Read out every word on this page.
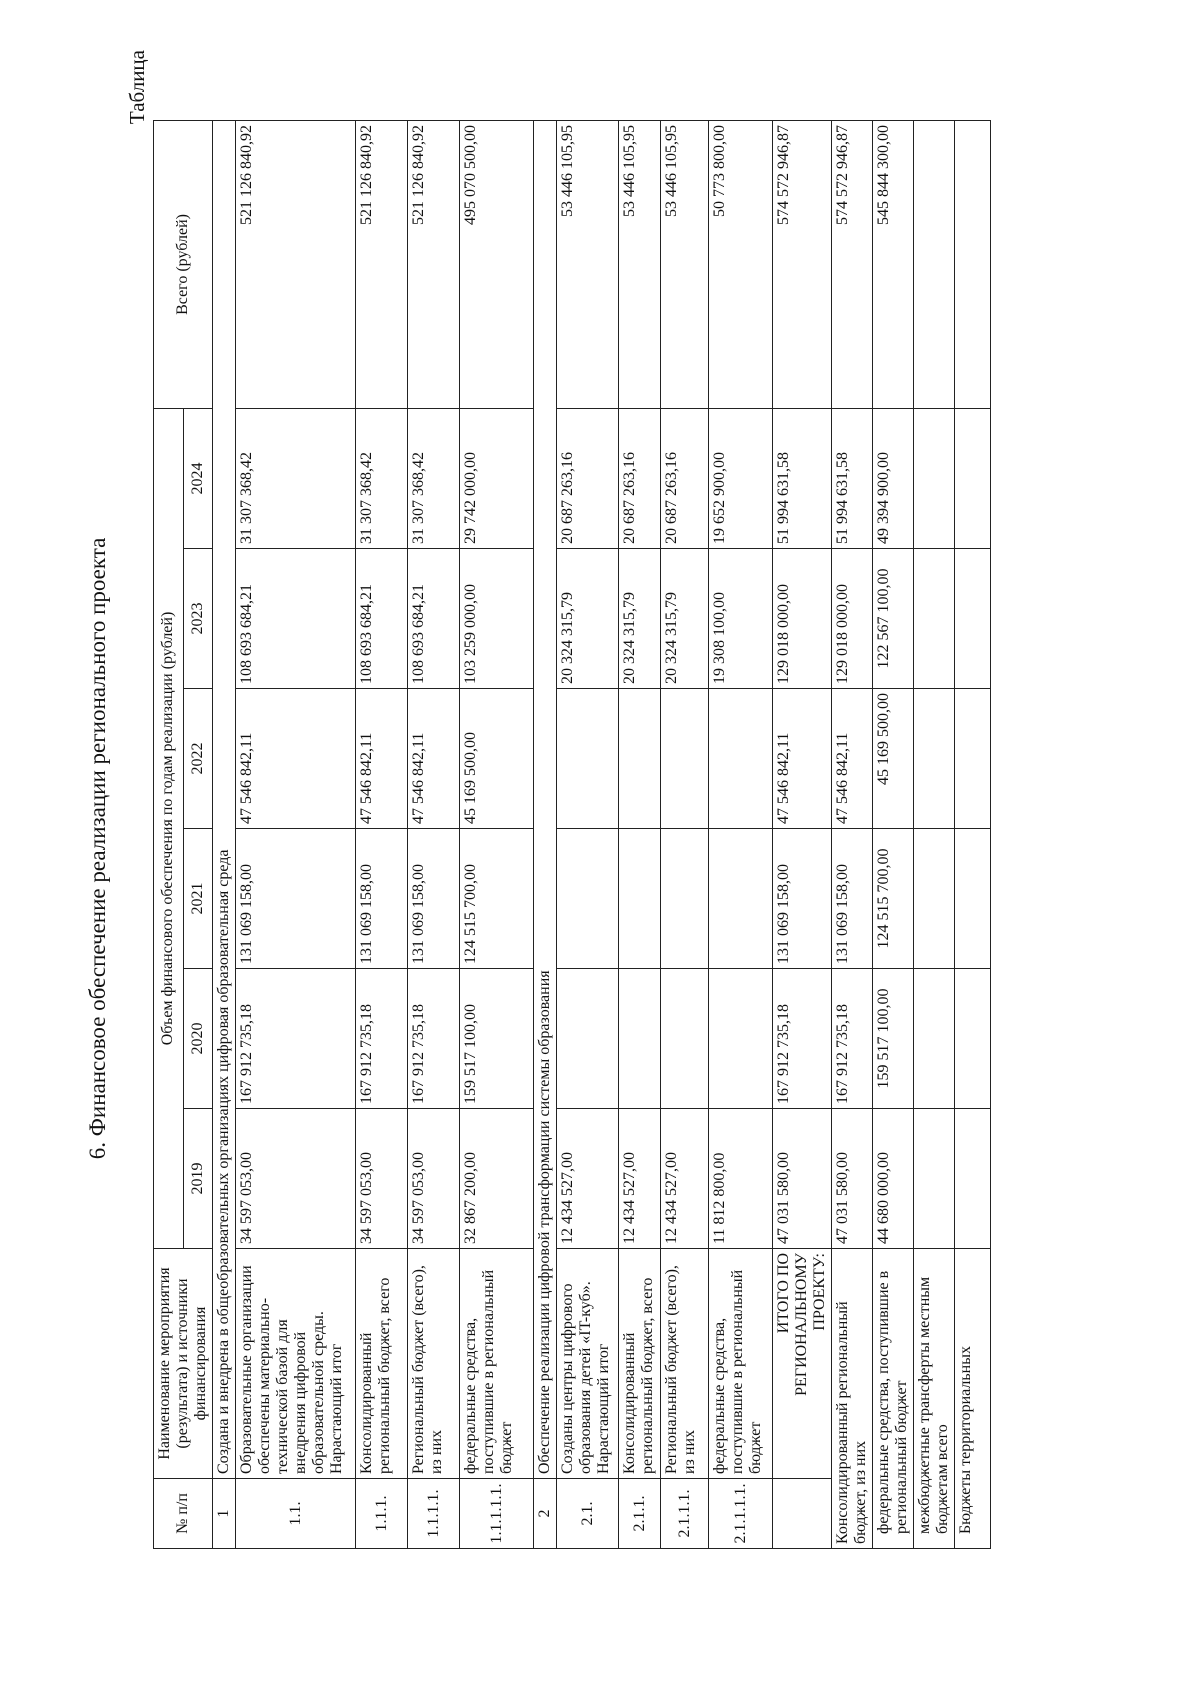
6. Финансовое обеспечение реализации регионального проекта
Таблица
№ п/п	Наименование мероприятия (результата) и источники финансирования	Объем финансового обеспечения по годам реализации (рублей)						Всего (рублей)
		2019	2020	2021	2022	2023	2024	
1	Создана и внедрена в общеобразовательных организациях цифровая образовательная среда							
1.1.	Образовательные организации обеспечены материально-технической базой для внедрения цифровой образовательной среды. Нарастающий итог	34 597 053,00	167 912 735,18	131 069 158,00	47 546 842,11	108 693 684,21	31 307 368,42	521 126 840,92
1.1.1.	Консолидированный региональный бюджет, всего	34 597 053,00	167 912 735,18	131 069 158,00	47 546 842,11	108 693 684,21	31 307 368,42	521 126 840,92
1.1.1.1.	Региональный бюджет (всего), из них	34 597 053,00	167 912 735,18	131 069 158,00	47 546 842,11	108 693 684,21	31 307 368,42	521 126 840,92
1.1.1.1.1.	федеральные средства, поступившие в региональный бюджет	32 867 200,00	159 517 100,00	124 515 700,00	45 169 500,00	103 259 000,00	29 742 000,00	495 070 500,00
2	Обеспечение реализации цифровой трансформации системы образования							
2.1.	Созданы центры цифрового образования детей «IT-куб». Нарастающий итог	12 434 527,00				20 324 315,79	20 687 263,16	53 446 105,95
2.1.1.	Консолидированный региональный бюджет, всего	12 434 527,00				20 324 315,79	20 687 263,16	53 446 105,95
2.1.1.1.	Региональный бюджет (всего), из них	12 434 527,00				20 324 315,79	20 687 263,16	53 446 105,95
2.1.1.1.1.	федеральные средства, поступившие в региональный бюджет	11 812 800,00				19 308 100,00	19 652 900,00	50 773 800,00
	ИТОГО ПО РЕГИОНАЛЬНОМУ ПРОЕКТУ:	47 031 580,00	167 912 735,18	131 069 158,00	47 546 842,11	129 018 000,00	51 994 631,58	574 572 946,87
Консолидированный региональный бюджет, из них		47 031 580,00	167 912 735,18	131 069 158,00	47 546 842,11	129 018 000,00	51 994 631,58	574 572 946,87
федеральные средства, поступившие в региональный бюджет		44 680 000,00	159 517 100,00	124 515 700,00	45 169 500,00	122 567 100,00	49 394 900,00	545 844 300,00
межбюджетные трансферты местным бюджетам всего								
Бюджеты территориальных								
